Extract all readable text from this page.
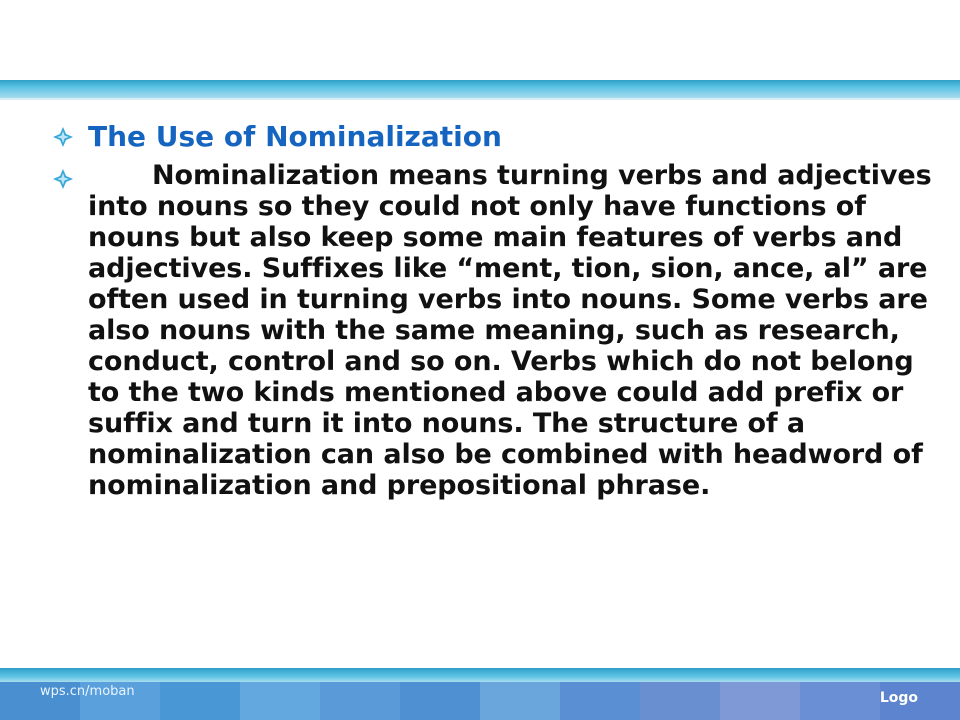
The Use of Nominalization

Nominalization means turning verbs and adjectives into nouns so they could not only have functions of nouns but also keep some main features of verbs and adjectives. Suffixes like “ment, tion, sion, ance, al” are often used in turning verbs into nouns. Some verbs are also nouns with the same meaning, such as research, conduct, control and so on. Verbs which do not belong to the two kinds mentioned above could add prefix or suffix and turn it into nouns. The structure of a nominalization can also be combined with headword of nominalization and prepositional phrase.

wps.cn/moban	Logo
